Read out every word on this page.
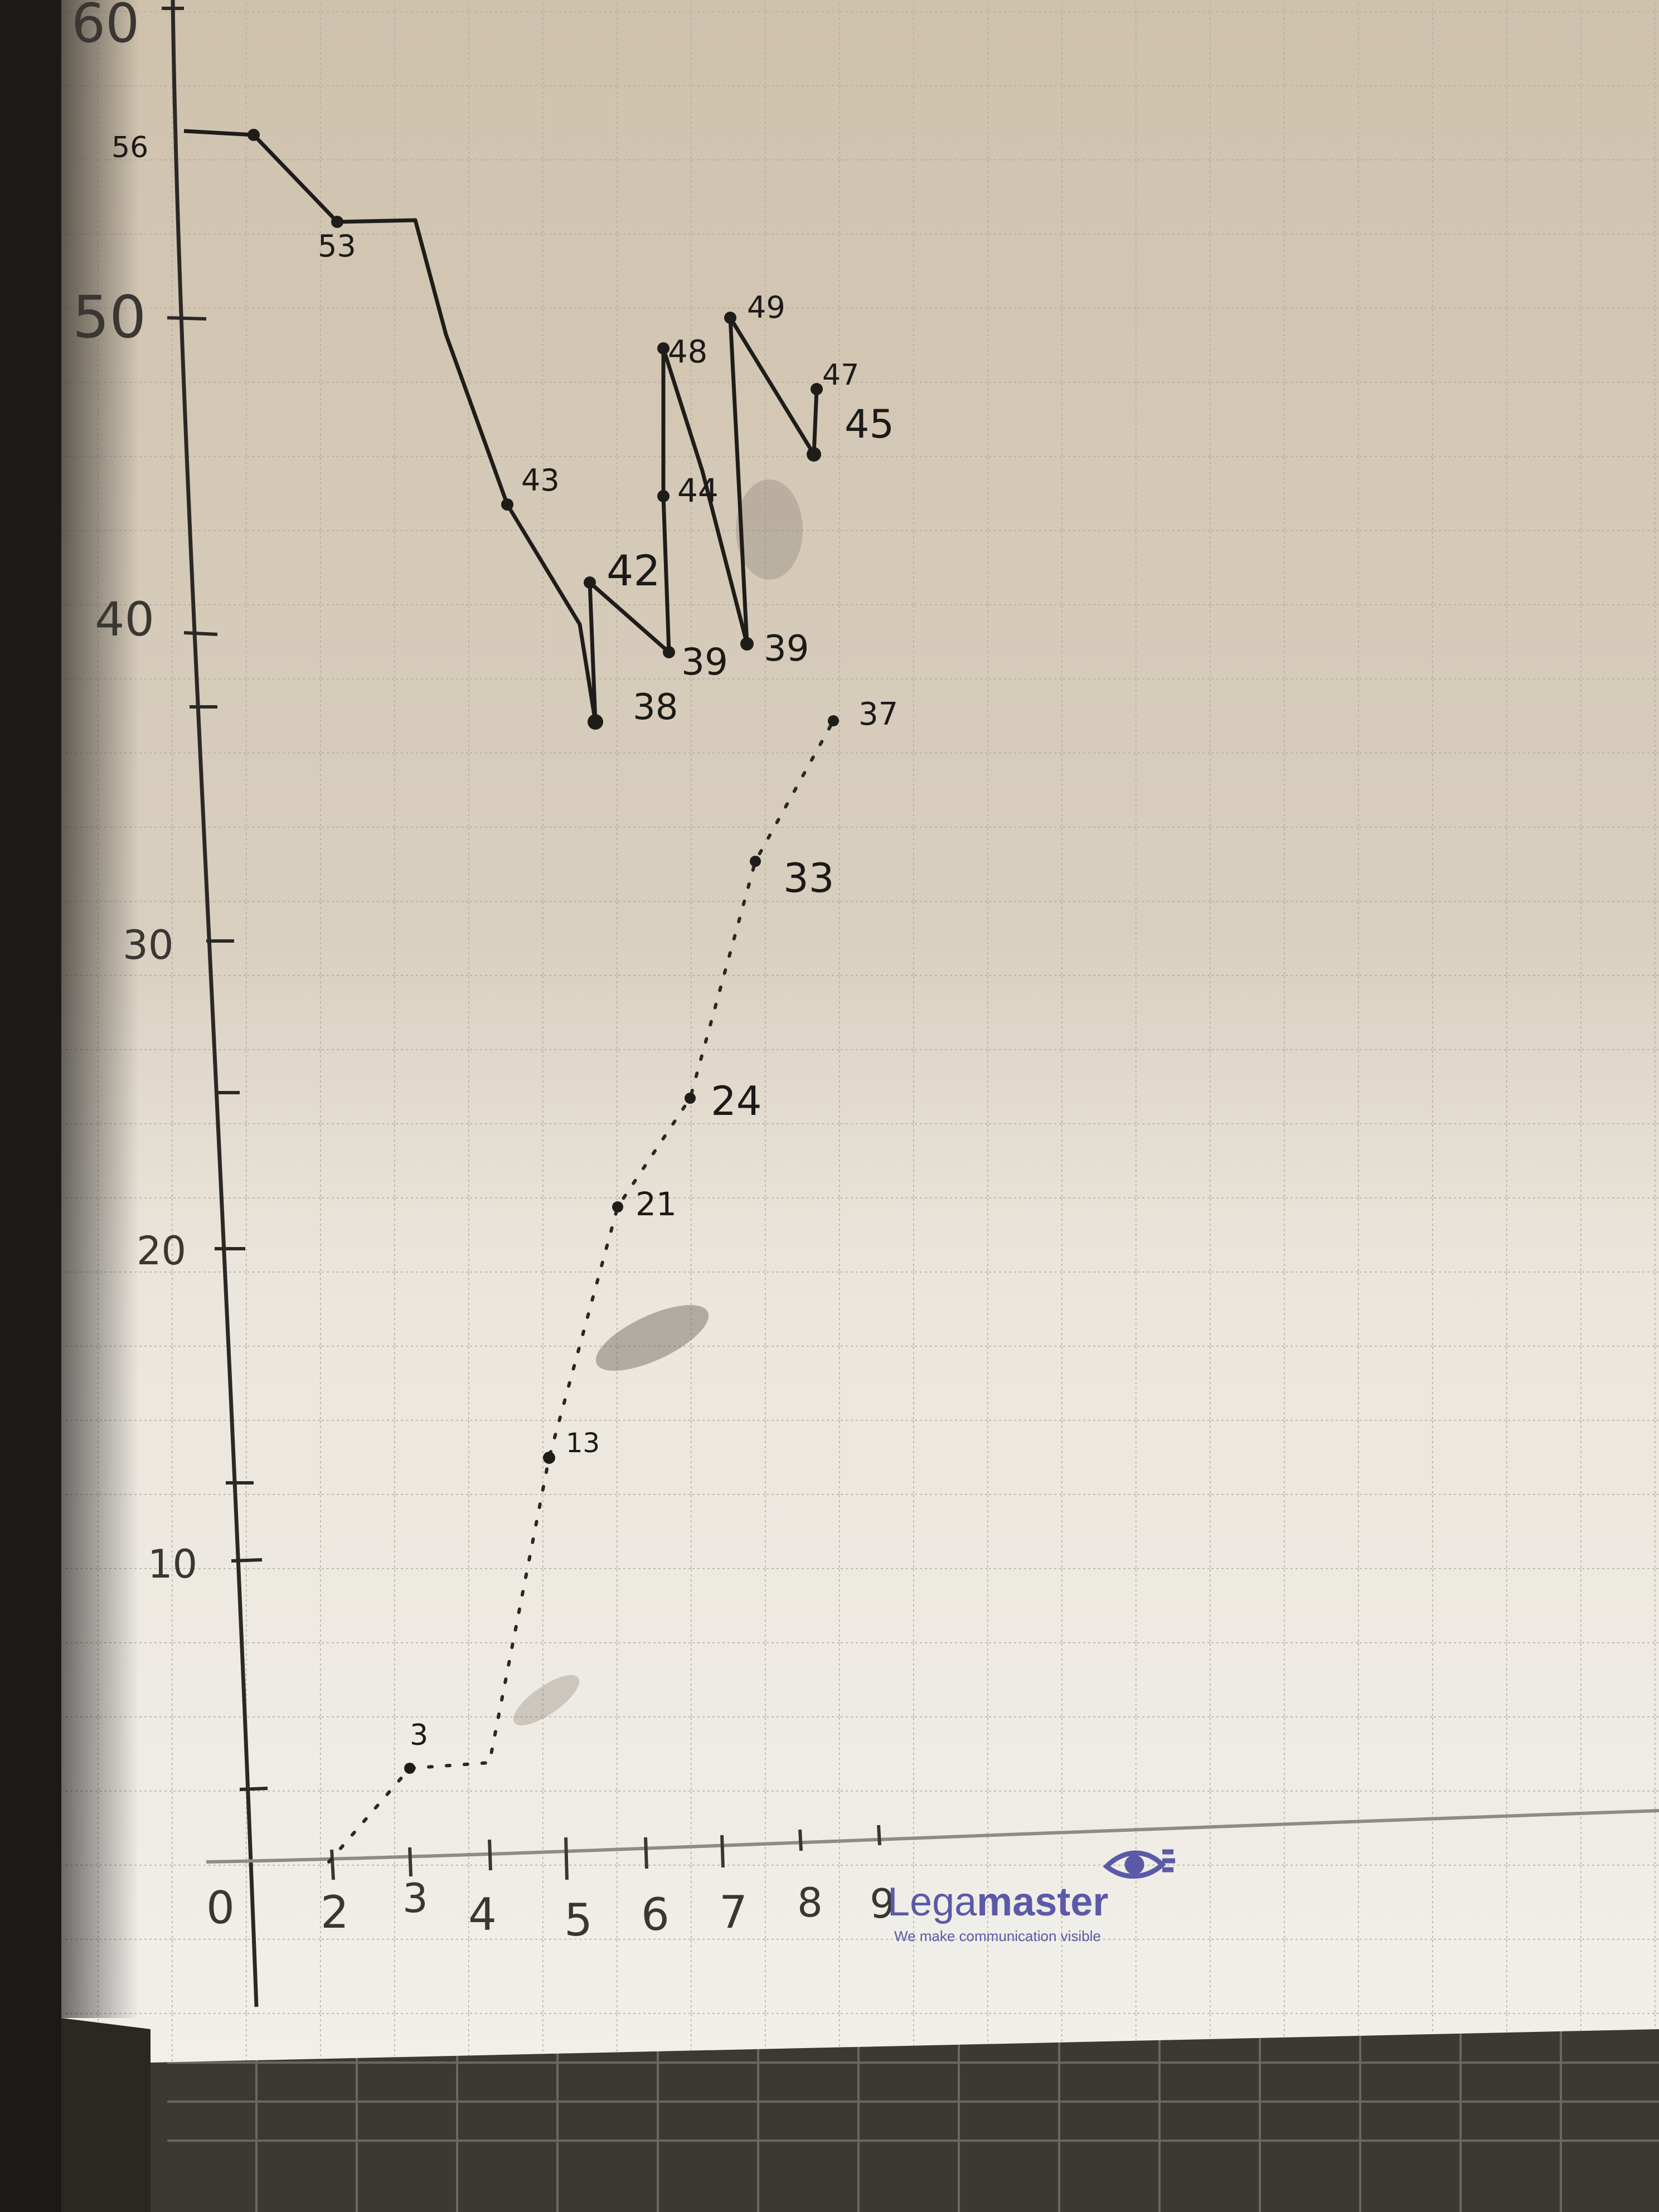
60
56
50
40
30
20
10
0 2 3 4 5 6 7 8 9
53
43
38
42
39
48
44
39
49
45
47
3
13
21
24
33
37
Legamaster
We make communication visible
